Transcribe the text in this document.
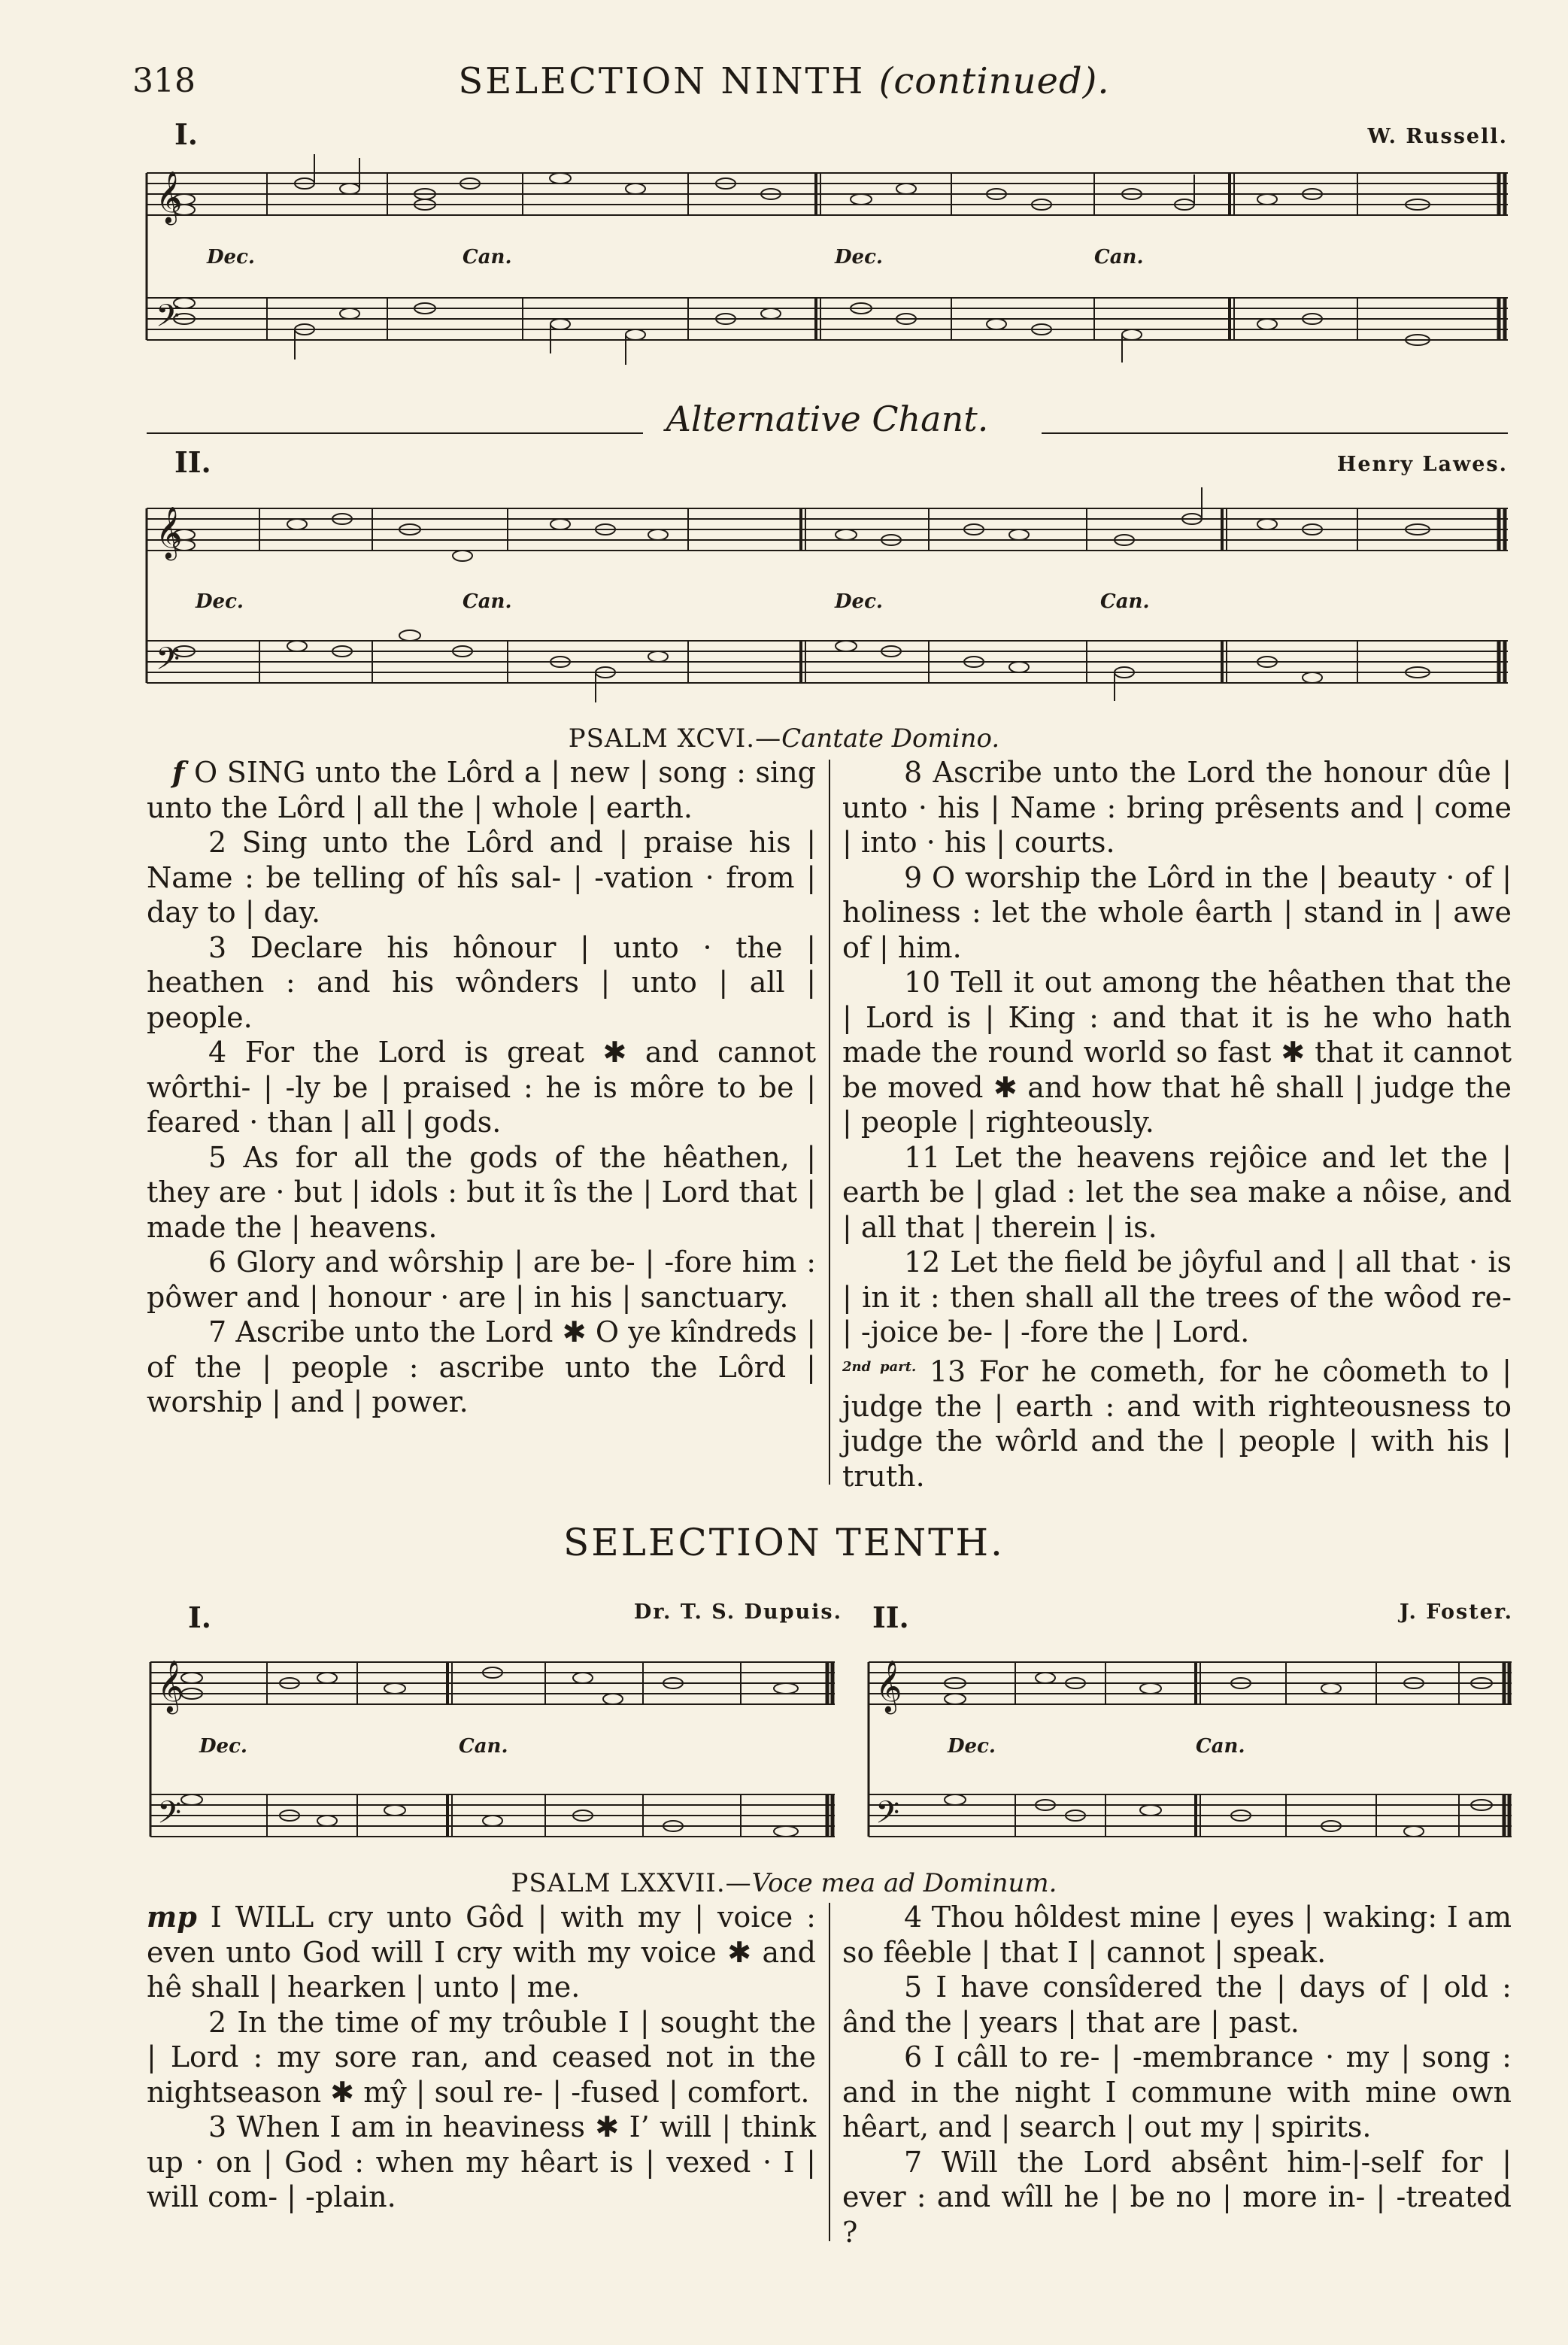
318	SELECTION NINTH (continued).
I.	W. Russell.
𝄞
𝄢
Dec.	Can.	Dec.	Can.
Alternative Chant.
II.	Henry Lawes.
𝄞
𝄢
Dec.	Can.	Dec.	Can.
PSALM XCVI.—Cantate Domino.

f O SING unto the Lôrd a | new | song : sing unto the Lôrd | all the | whole | earth.

2 Sing unto the Lôrd and | praise his | Name : be telling of hîs sal- | -vation · from | day to | day.

3 Declare his hônour | unto · the | heathen : and his wônders | unto | all | people.

4 For the Lord is great ✱ and cannot wôrthi- | -ly be | praised : he is môre to be | feared · than | all | gods.

5 As for all the gods of the hêathen, | they are · but | idols : but it îs the | Lord that | made the | heavens.

6 Glory and wôrship | are be- | -fore him : pôwer and | honour · are | in his | sanctuary.

7 Ascribe unto the Lord ✱ O ye kîndreds | of the | people : ascribe unto the Lôrd | worship | and | power.

8 Ascribe unto the Lord the honour dûe | unto · his | Name : bring prêsents and | come | into · his | courts.

9 O worship the Lôrd in the | beauty · of | holiness : let the whole êarth | stand in | awe of | him.

10 Tell it out among the hêathen that the | Lord is | King : and that it is he who hath made the round world so fast ✱ that it cannot be moved ✱ and how that hê shall | judge the | people | righteously.

11 Let the heavens rejôice and let the | earth be | glad : let the sea make a nôise, and | all that | therein | is.

12 Let the field be jôyful and | all that · is | in it : then shall all the trees of the wôod re- | -joice be- | -fore the | Lord.

$^{2nd part.}$ 13 For he cometh, for he côometh to | judge the | earth : and with righteousness to judge the wôrld and the | people | with his | truth.

SELECTION TENTH.
I.	Dr. T. S. Dupuis. II.	J. Foster.
𝄞
𝄢
Dec.	Can.
𝄞
𝄢
Dec.	Can.
PSALM LXXVII.—Voce mea ad Dominum.

mp I WILL cry unto Gôd | with my | voice : even unto God will I cry with my voice ✱ and hê shall | hearken | unto | me.

2 In the time of my trôuble I | sought the | Lord : my sore ran, and ceased not in the nightseason ✱ mŷ | soul re- | -fused | comfort.

3 When I am in heaviness ✱ I’ will | think up · on | God : when my hêart is | vexed · I | will com- | -plain.

4 Thou hôldest mine | eyes | waking: I am so fêeble | that I | cannot | speak.

5 I have consîdered the | days of | old : ând the | years | that are | past.

6 I câll to re- | -membrance · my | song : and in the night I commune with mine own hêart, and | search | out my | spirits.

7 Will the Lord absênt him-|-self for | ever : and wîll he | be no | more in- | -treated ?
